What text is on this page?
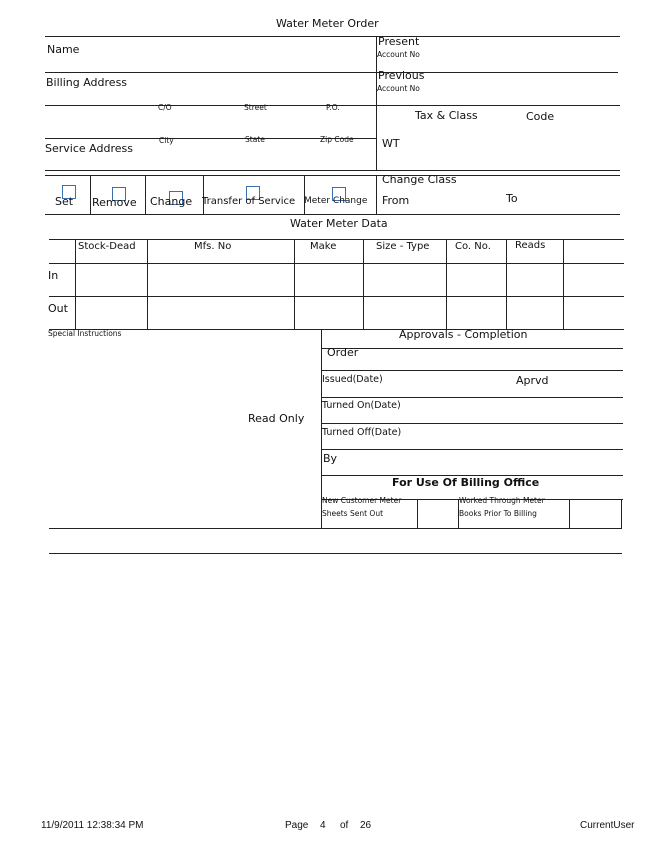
Water Meter Order
Name
Present
Account No
Billing Address
Previous
Account No
C/O	Street	P.O.
Tax & Class	Code
City	State	Zip Code
Service Address	WT
Set Remove Change Transfer of Service Meter Change
Change Class
From	To
Water Meter Data
Stock-Dead	Mfs. No	Make	Size - Type	Co. No. Reads
In
Out
Special Instructions
Read Only
Approvals - Completion
Order
Issued(Date)	Aprvd
Turned On(Date)
Turned Off(Date)
By
For Use Of Billing Office
New Customer Meter
Sheets Sent Out
Worked Through Meter
Books Prior To Billing
11/9/2011 12:38:34 PM	Page 4 of 26	CurrentUser
